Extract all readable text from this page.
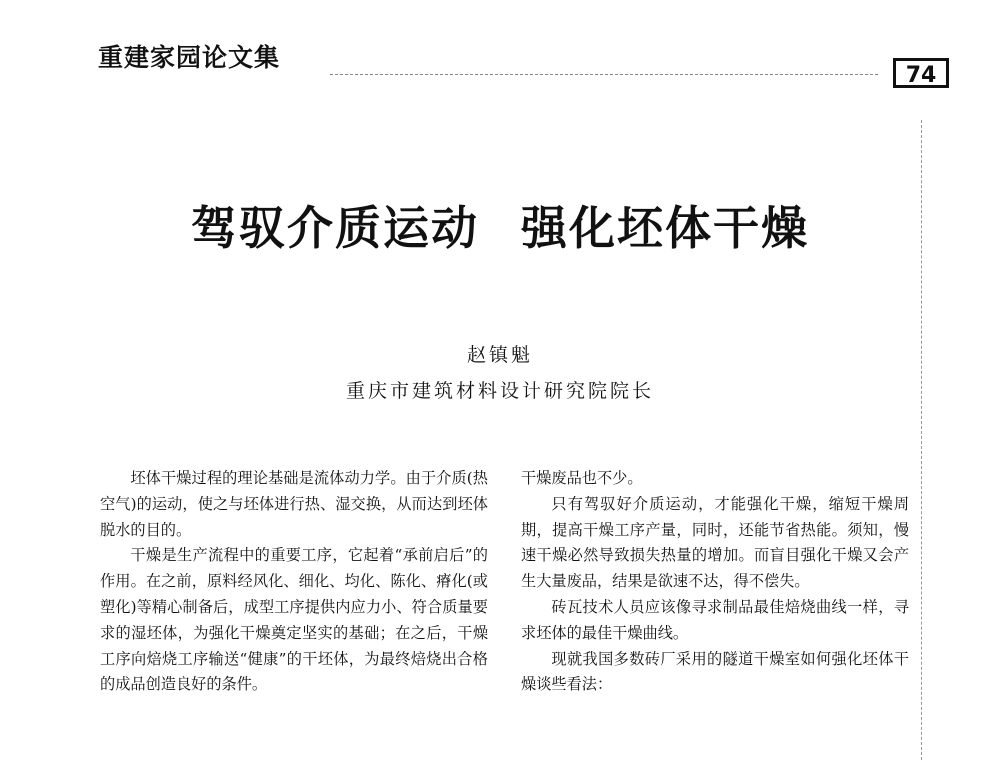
重建家园论文集
74
驾驭介质运动 强化坯体干燥
赵镇魁
重庆市建筑材料设计研究院院长

坯体干燥过程的理论基础是流体动力学。由于介质(热空气)的运动，使之与坯体进行热、湿交换，从而达到坯体脱水的目的。

干燥是生产流程中的重要工序，它起着“承前启后”的作用。在之前，原料经风化、细化、均化、陈化、瘠化(或塑化)等精心制备后，成型工序提供内应力小、符合质量要求的湿坯体，为强化干燥奠定坚实的基础；在之后，干燥工序向焙烧工序输送“健康”的干坯体，为最终焙烧出合格的成品创造良好的条件。

干燥废品也不少。

只有驾驭好介质运动，才能强化干燥，缩短干燥周期，提高干燥工序产量，同时，还能节省热能。须知，慢速干燥必然导致损失热量的增加。而盲目强化干燥又会产生大量废品，结果是欲速不达，得不偿失。

砖瓦技术人员应该像寻求制品最佳焙烧曲线一样，寻求坯体的最佳干燥曲线。

现就我国多数砖厂采用的隧道干燥室如何强化坯体干燥谈些看法：
